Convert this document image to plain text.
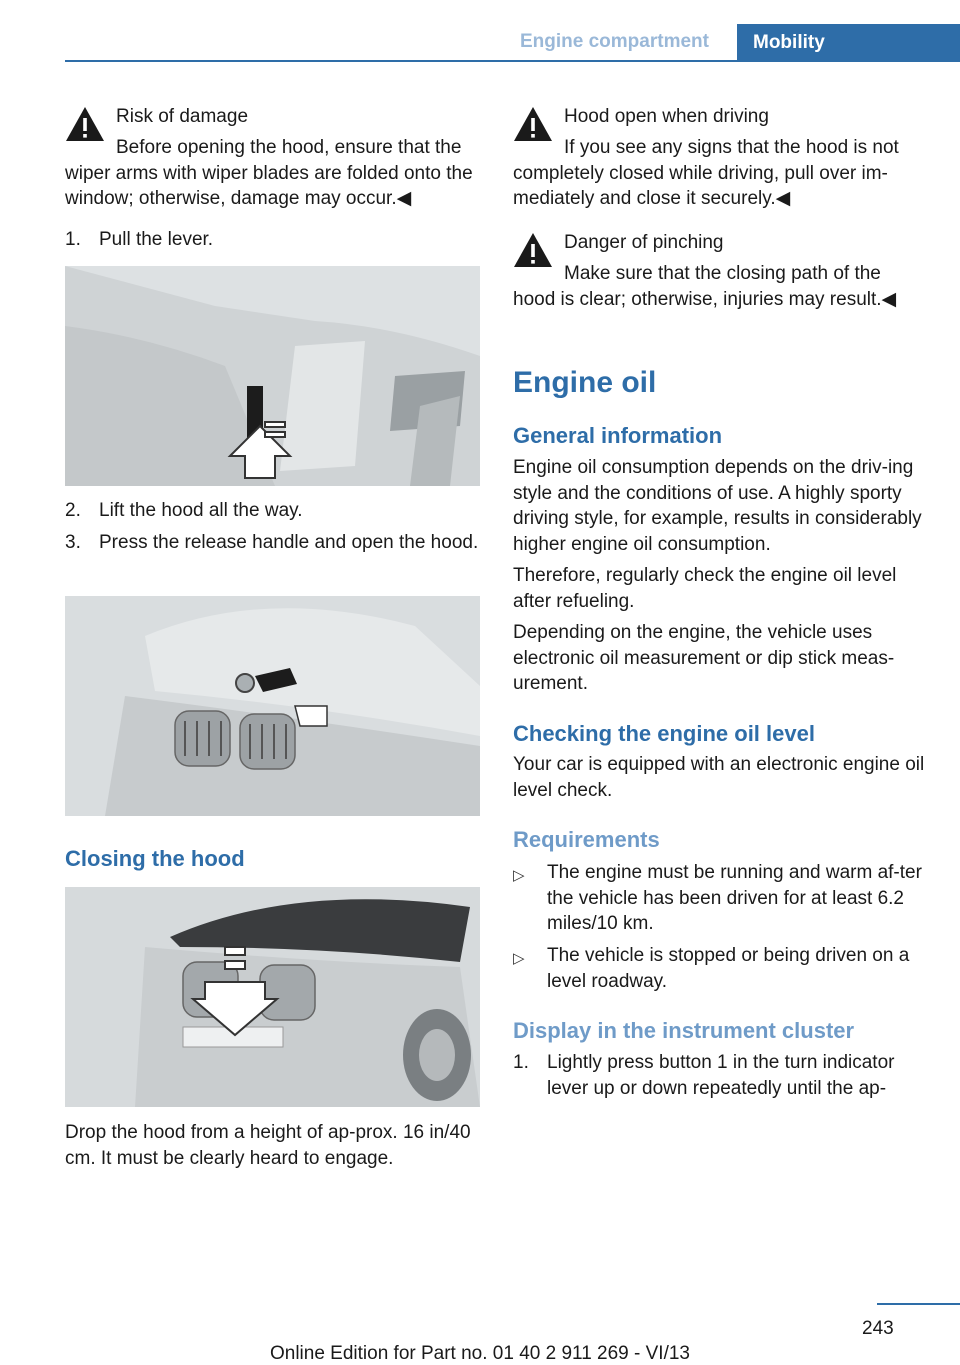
Engine compartment Mobility
Risk of damage
Before opening the hood, ensure that the wiper arms with wiper blades are folded onto the window; otherwise, damage may occur.◀
1. Pull the lever.
2. Lift the hood all the way.
3. Press the release handle and open the hood.
Closing the hood
Drop the hood from a height of ap‐prox. 16 in/40 cm. It must be clearly heard to engage.
Hood open when driving
If you see any signs that the hood is not completely closed while driving, pull over im‐mediately and close it securely.◀
Danger of pinching
Make sure that the closing path of the hood is clear; otherwise, injuries may result.◀
Engine oil
General information
Engine oil consumption depends on the driv‐ing style and the conditions of use. A highly sporty driving style, for example, results in considerably higher engine oil consumption.
Therefore, regularly check the engine oil level after refueling.
Depending on the engine, the vehicle uses electronic oil measurement or dip stick meas‐urement.
Checking the engine oil level
Your car is equipped with an electronic engine oil level check.
Requirements
▷	The engine must be running and warm af‐ter the vehicle has been driven for at least 6.2 miles/10 km.
▷	The vehicle is stopped or being driven on a level roadway.
Display in the instrument cluster
1. Lightly press button 1 in the turn indicator lever up or down repeatedly until the ap‐
243
Online Edition for Part no. 01 40 2 911 269 - VI/13
